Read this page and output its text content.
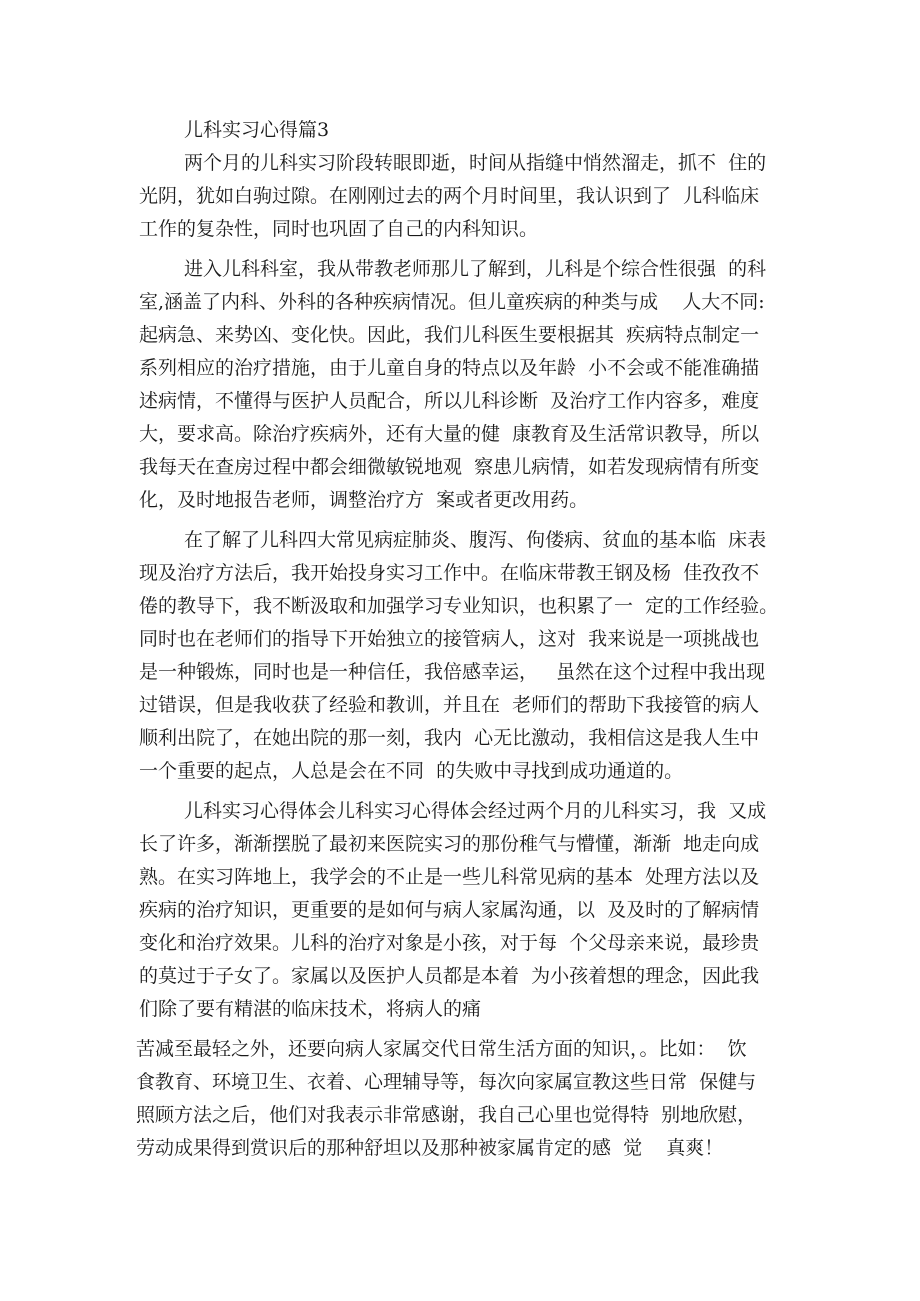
儿科实习心得篇3
两个月的儿科实习阶段转眼即逝，时间从指缝中悄然溜走，抓不  住的
光阴，犹如白驹过隙。在刚刚过去的两个月时间里，我认识到了  儿科临床
工作的复杂性，同时也巩固了自己的内科知识。
进入儿科科室，我从带教老师那儿了解到，儿科是个综合性很强  的科
室,涵盖了内科、外科的各种疾病情况。但儿童疾病的种类与成    人大不同:
起病急、来势凶、变化快。因此，我们儿科医生要根据其  疾病特点制定一
系列相应的治疗措施，由于儿童自身的特点以及年龄  小不会或不能准确描
述病情，不懂得与医护人员配合，所以儿科诊断  及治疗工作内容多，难度
大，要求高。除治疗疾病外，还有大量的健  康教育及生活常识教导，所以
我每天在查房过程中都会细微敏锐地观  察患儿病情，如若发现病情有所变
化，及时地报告老师，调整治疗方  案或者更改用药。
在了解了儿科四大常见病症肺炎、腹泻、佝偻病、贫血的基本临  床表
现及治疗方法后，我开始投身实习工作中。在临床带教王钢及杨  佳孜孜不
倦的教导下，我不断汲取和加强学习专业知识，也积累了一  定的工作经验。
同时也在老师们的指导下开始独立的接管病人，这对  我来说是一项挑战也
是一种锻炼，同时也是一种信任，我倍感幸运，   虽然在这个过程中我出现
过错误，但是我收获了经验和教训，并且在  老师们的帮助下我接管的病人
顺利出院了，在她出院的那一刻，我内  心无比激动，我相信这是我人生中
一个重要的起点，人总是会在不同  的失败中寻找到成功通道的。
儿科实习心得体会儿科实习心得体会经过两个月的儿科实习，我  又成
长了许多，渐渐摆脱了最初来医院实习的那份稚气与懵懂，渐渐  地走向成
熟。在实习阵地上，我学会的不止是一些儿科常见病的基本  处理方法以及
疾病的治疗知识，更重要的是如何与病人家属沟通，以  及及时的了解病情
变化和治疗效果。儿科的治疗对象是小孩，对于每  个父母亲来说，最珍贵
的莫过于子女了。家属以及医护人员都是本着  为小孩着想的理念，因此我
们除了要有精湛的临床技术，将病人的痛
苦减至最轻之外，还要向病人家属交代日常生活方面的知识，。比如：  饮
食教育、环境卫生、衣着、心理辅导等，每次向家属宣教这些日常  保健与
照顾方法之后，他们对我表示非常感谢，我自己心里也觉得特  别地欣慰，
劳动成果得到赏识后的那种舒坦以及那种被家属肯定的感  觉    真爽！
